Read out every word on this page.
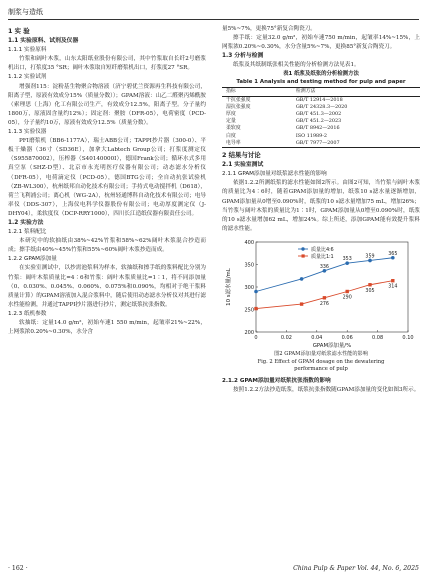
制浆与造纸
1 实 验
1.1 实验原料、试剂及仪器
1.1.1 实验原料

竹浆和阔叶木浆，山东太阳纸业股份有限公司，其中竹浆取自长纤2号磨浆机出口，打浆度35 °SR；阔叶木浆取自短纤磨浆机出口，打浆度27 °SR。

1.1.2 实验试剂

增强剂115：淀粉基生物聚合物溶液（济宁碧优兰资源再生科技有限公司，阳离子型，原液有效成分15%（质量分数））；GPAM溶液：山乙二醛聚丙烯酰胺（索理思（上海）化工有限公司生产，有效成分12.5%，阳离子型。分子量约1800万，原液固含量约12%）；固定剂：聚胺（DFR-05），电荷密度（PCD-05），分子量约10万，原液有效成分12.5%（质量分数）。

1.1.3 实验仪器

PFI磨浆机（BB6-1177A），瑞士ABB公司；TAPPI抄片器（300-0）、平板干燥器（36寸（SD36E），加拿大Labtech Group公司；打浆度测定仪（S955870002），压榨器（S40140000I），德国Frank公司；循环水式多用真空泵（SHZ-D型）、北京市永光明医疗仪器有限公司；动态滤水分析仪（DFR-05），电荷滴定仪（PCD-05），德国BTG公司；全自动抗张试验机（ZB-WL300），杭州纸邦自动化技术有限公司；手持式电动搅拌机（D618），荷兰飞利浦公司；离心机（WG-2A），杭州轻通博科自动化技术有限公司；电导率仪（DDS-307），上海仪电科学仪器股份有限公司；电动厚度测定仪（J-DHY04），柔软度仪（DCP-RRY1000），四川长江造纸仪器有限责任公司。

1.2 实验方法
1.2.1 浆料配比

本研究中的软抽纸由38%~42%竹浆和58%~62%阔叶木浆混合抄造而成；擦手纸由40%~45%竹浆和55%~60%阔叶木浆抄造而成。

1.2.2 GPAM添加量

在实验室测试中，以抄需池浆料为样本，软抽纸和擦手纸的浆料配比分别为竹浆：阔叶木浆质量比=4∶6和竹浆：阔叶木浆质量比=1∶1，将不同添加量（0、0.030%、0.045%、0.060%、0.075%和0.090%，均相对于绝干浆料质量计算）的GPAM溶液加入混合浆料中，随后使用动态滤水分析仪对其进行滤水性能检测，并通过TAPPI抄片器进行抄片，测定纸浆抗张指数。

1.2.3 纸机参数

软抽纸：定量14.0 g/m²，初始车速1 550 m/min，起皱率21%~22%，上网浆浓0.20%~0.30%，水分含

量5%~7%，更换75°新复合陶瓷刀。

擦手纸：定量32.0 g/m²，初始车速750 m/min，起皱率14%~15%，上网浆浓0.20%~0.30%，水分含量5%~7%，更换85°新复合陶瓷刀。

1.3 分析与检测

纸浆及其纸制纸张相关性能的分析检测方法见表1。

表1 纸浆及纸张的分析检测方法
Table 1 Analysis and testing method for pulp and paper
指标	检测方法
干抗张强度	GB/T 12914—2018
湿抗张强度	GB/T 24328.3—2020
厚度	GB/T 451.3—2002
定量	GB/T 451.2—2023
柔软度	GB/T 8942—2016
白度	ISO 11989-2
电导率	GB/T 7977—2007
2 结果与讨论
2.1 实验室测试
2.1.1 GPAM添加量对纸浆滤水性能的影响

依据1.2.2所测纸浆的滤水性能如图2所示。由图2可知，当竹浆与阔叶木浆的质量比为4∶6时，随着GPAM添加量的增加，纸浆10 s滤水量逐渐增加，GPAM添加量从0增至0.090%时，纸浆的10 s滤水量增加75 mL，增加26%；当竹浆与阔叶木浆的质量比为1∶1时，GPAM添加量从0增至0.090%时，纸浆的10 s滤水量增加62 mL，增加24%。综上所述，添加GPAM能有效提升浆料的滤水性能。

0	0.02	0.04	0.06	0.08	0.10
200
250
300
350
400
GPAM添加量/%
10 s滤水量/mL
336
353
359
365
276
290
305
314
质量比4∶6
质量比1∶1
图2 GPAM添加量对纸浆滤水性能的影响
Fig. 2 Effect of GPAM dosage on the dewatering
performance of pulp
2.1.2 GPAM添加量对纸浆抗张指数的影响

按照1.2.2方法抄造纸浆，纸浆抗张指数随GPAM添加量的变化如图3所示。

· 162 ·	China Pulp & Paper Vol. 44, No. 6, 2025
